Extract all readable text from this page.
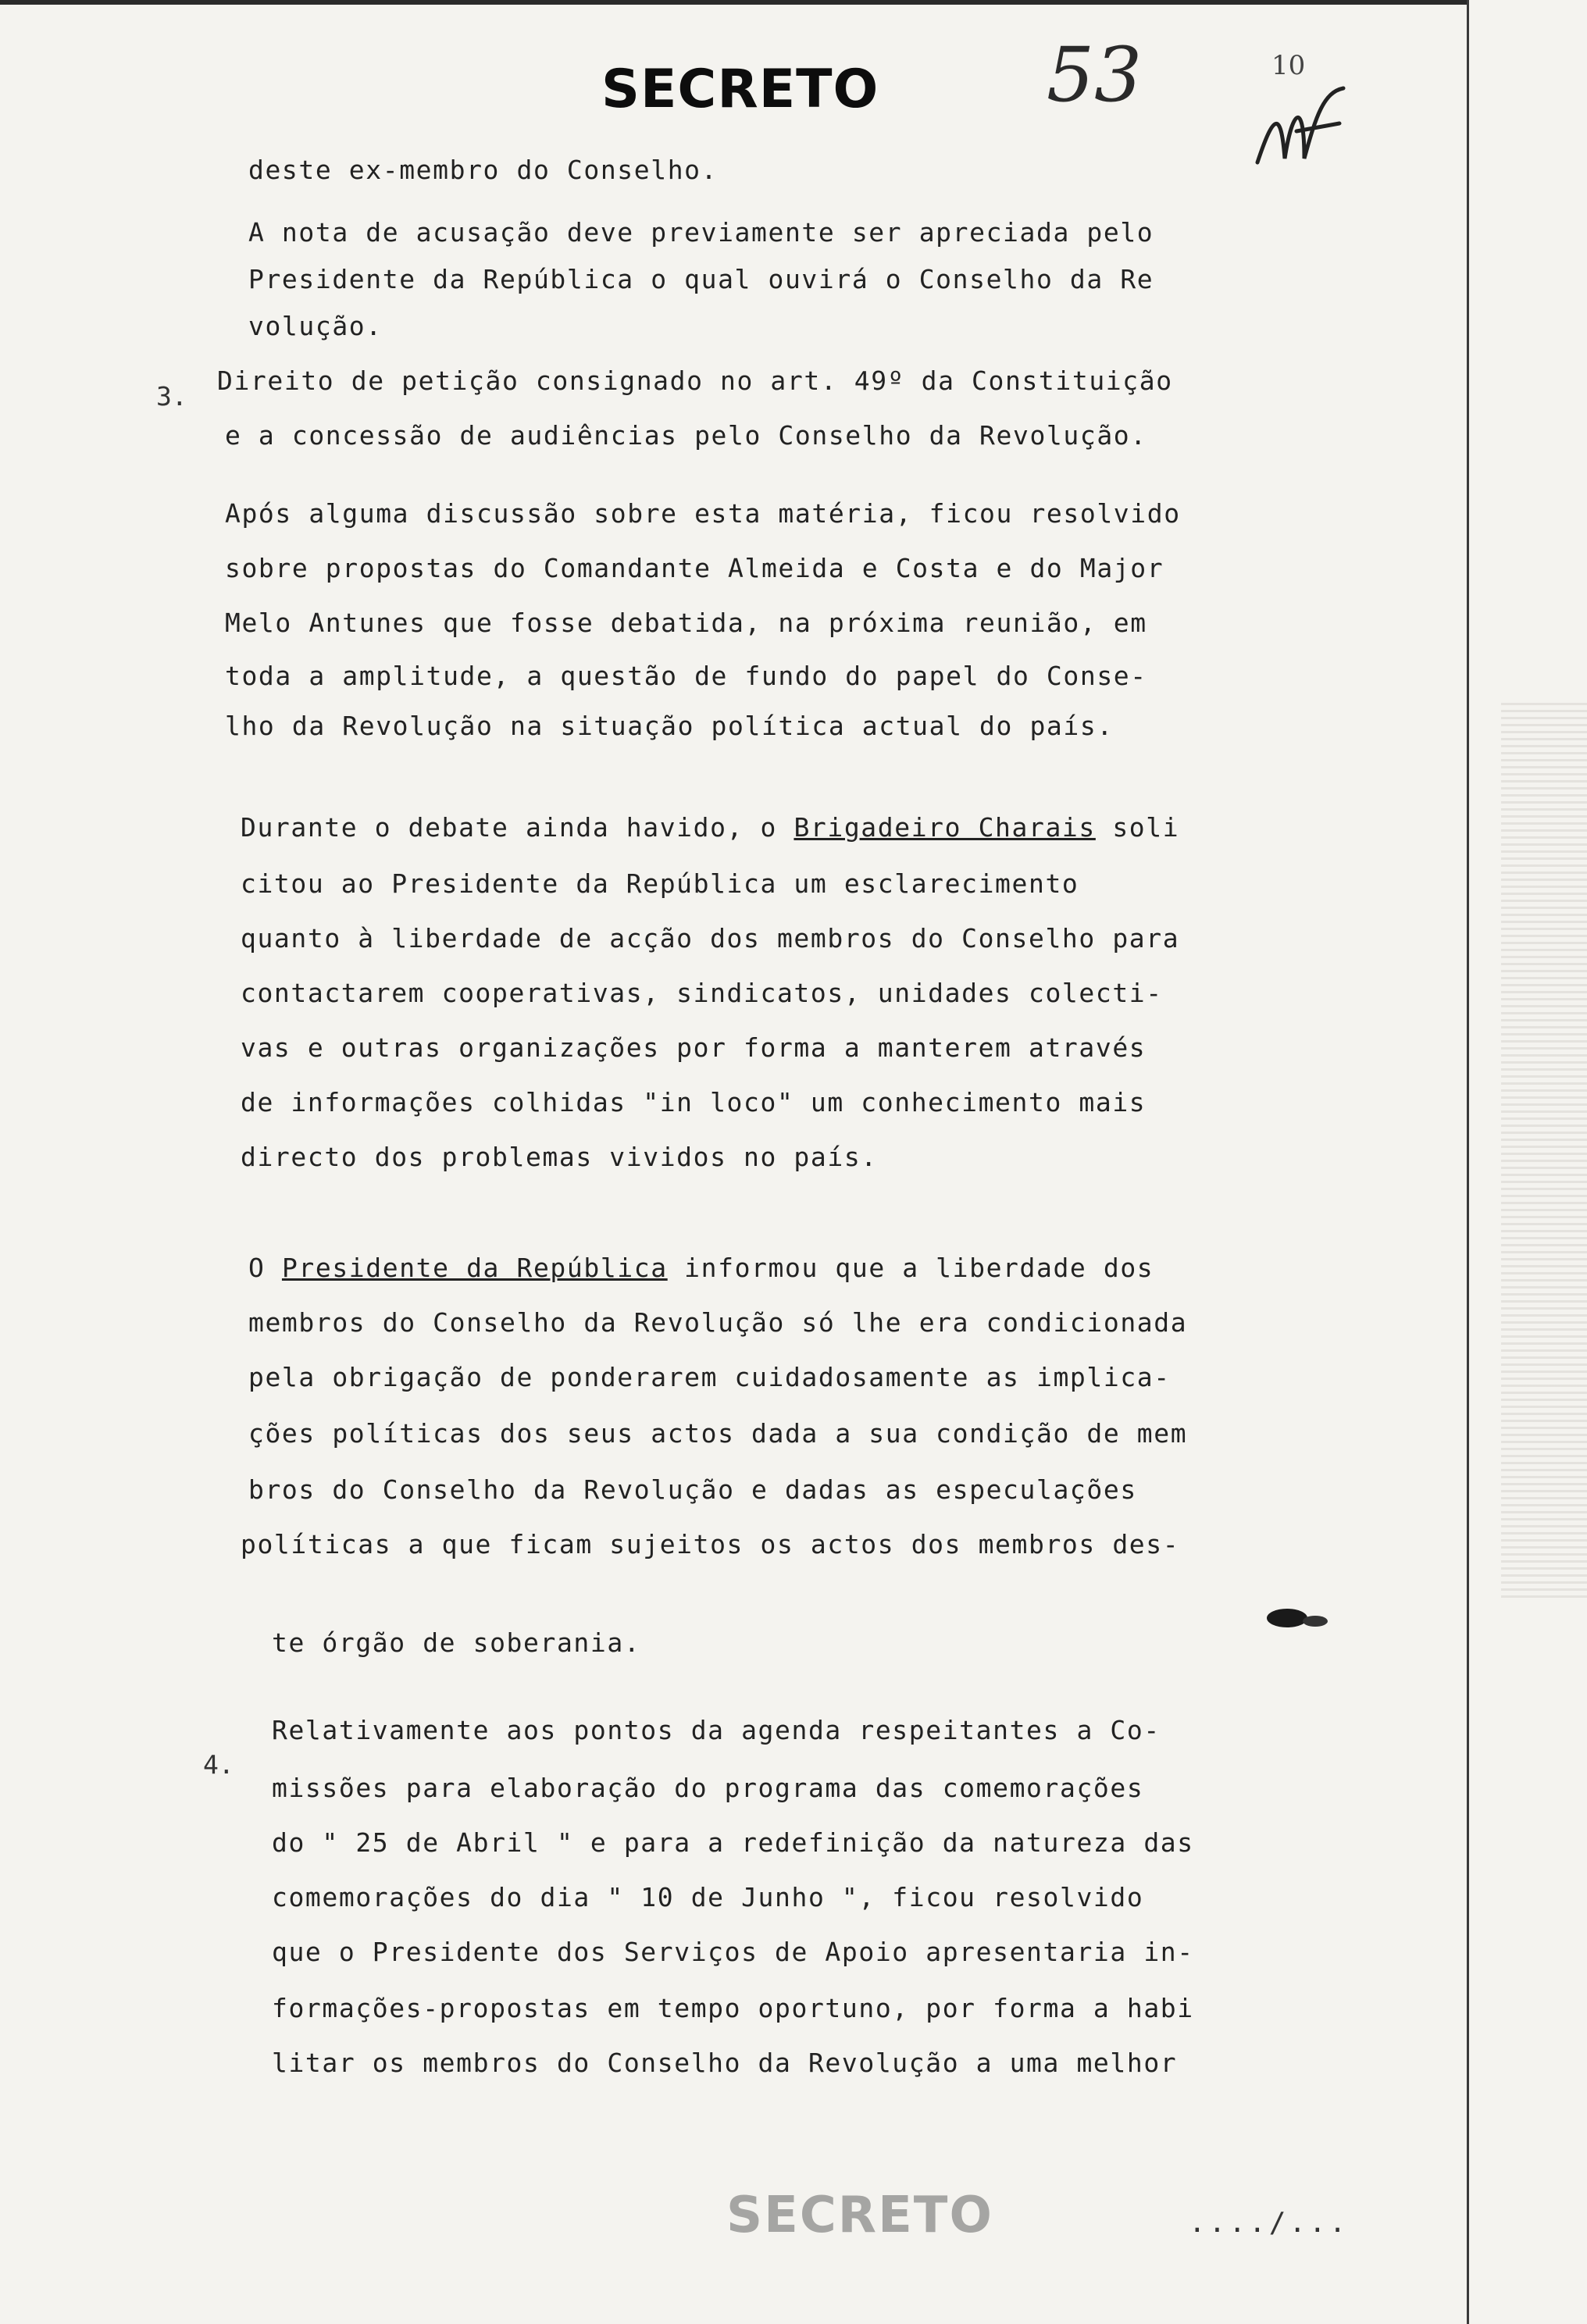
SECRETO 53	10
deste ex-membro do Conselho.
A nota de acusação deve previamente ser apreciada pelo
Presidente da República o qual ouvirá o Conselho da Re
volução.
3.
Direito de petição consignado no art. 49º da Constituição
e a concessão de audiências pelo Conselho da Revolução.
Após alguma discussão sobre esta matéria, ficou resolvido
sobre propostas do Comandante Almeida e Costa e do Major
Melo Antunes que fosse debatida, na próxima reunião, em
toda a amplitude, a questão de fundo do papel do Conse-
lho da Revolução na situação política actual do país.
Durante o debate ainda havido, o Brigadeiro Charais soli
citou ao Presidente da República um esclarecimento
quanto à liberdade de acção dos membros do Conselho para
contactarem cooperativas, sindicatos, unidades colecti-
vas e outras organizações por forma a manterem através
de informações colhidas "in loco" um conhecimento mais
directo dos problemas vividos no país.
O Presidente da República informou que a liberdade dos
membros do Conselho da Revolução só lhe era condicionada
pela obrigação de ponderarem cuidadosamente as implica-
ções políticas dos seus actos dada a sua condição de mem
bros do Conselho da Revolução e dadas as especulações
políticas a que ficam sujeitos os actos dos membros des-
te órgão de soberania.
4.
Relativamente aos pontos da agenda respeitantes a Co-
missões para elaboração do programa das comemorações
do " 25 de Abril " e para a redefinição da natureza das
comemorações do dia " 10 de Junho ", ficou resolvido
que o Presidente dos Serviços de Apoio apresentaria in-
formações-propostas em tempo oportuno, por forma a habi
litar os membros do Conselho da Revolução a uma melhor
SECRETO	..../...
